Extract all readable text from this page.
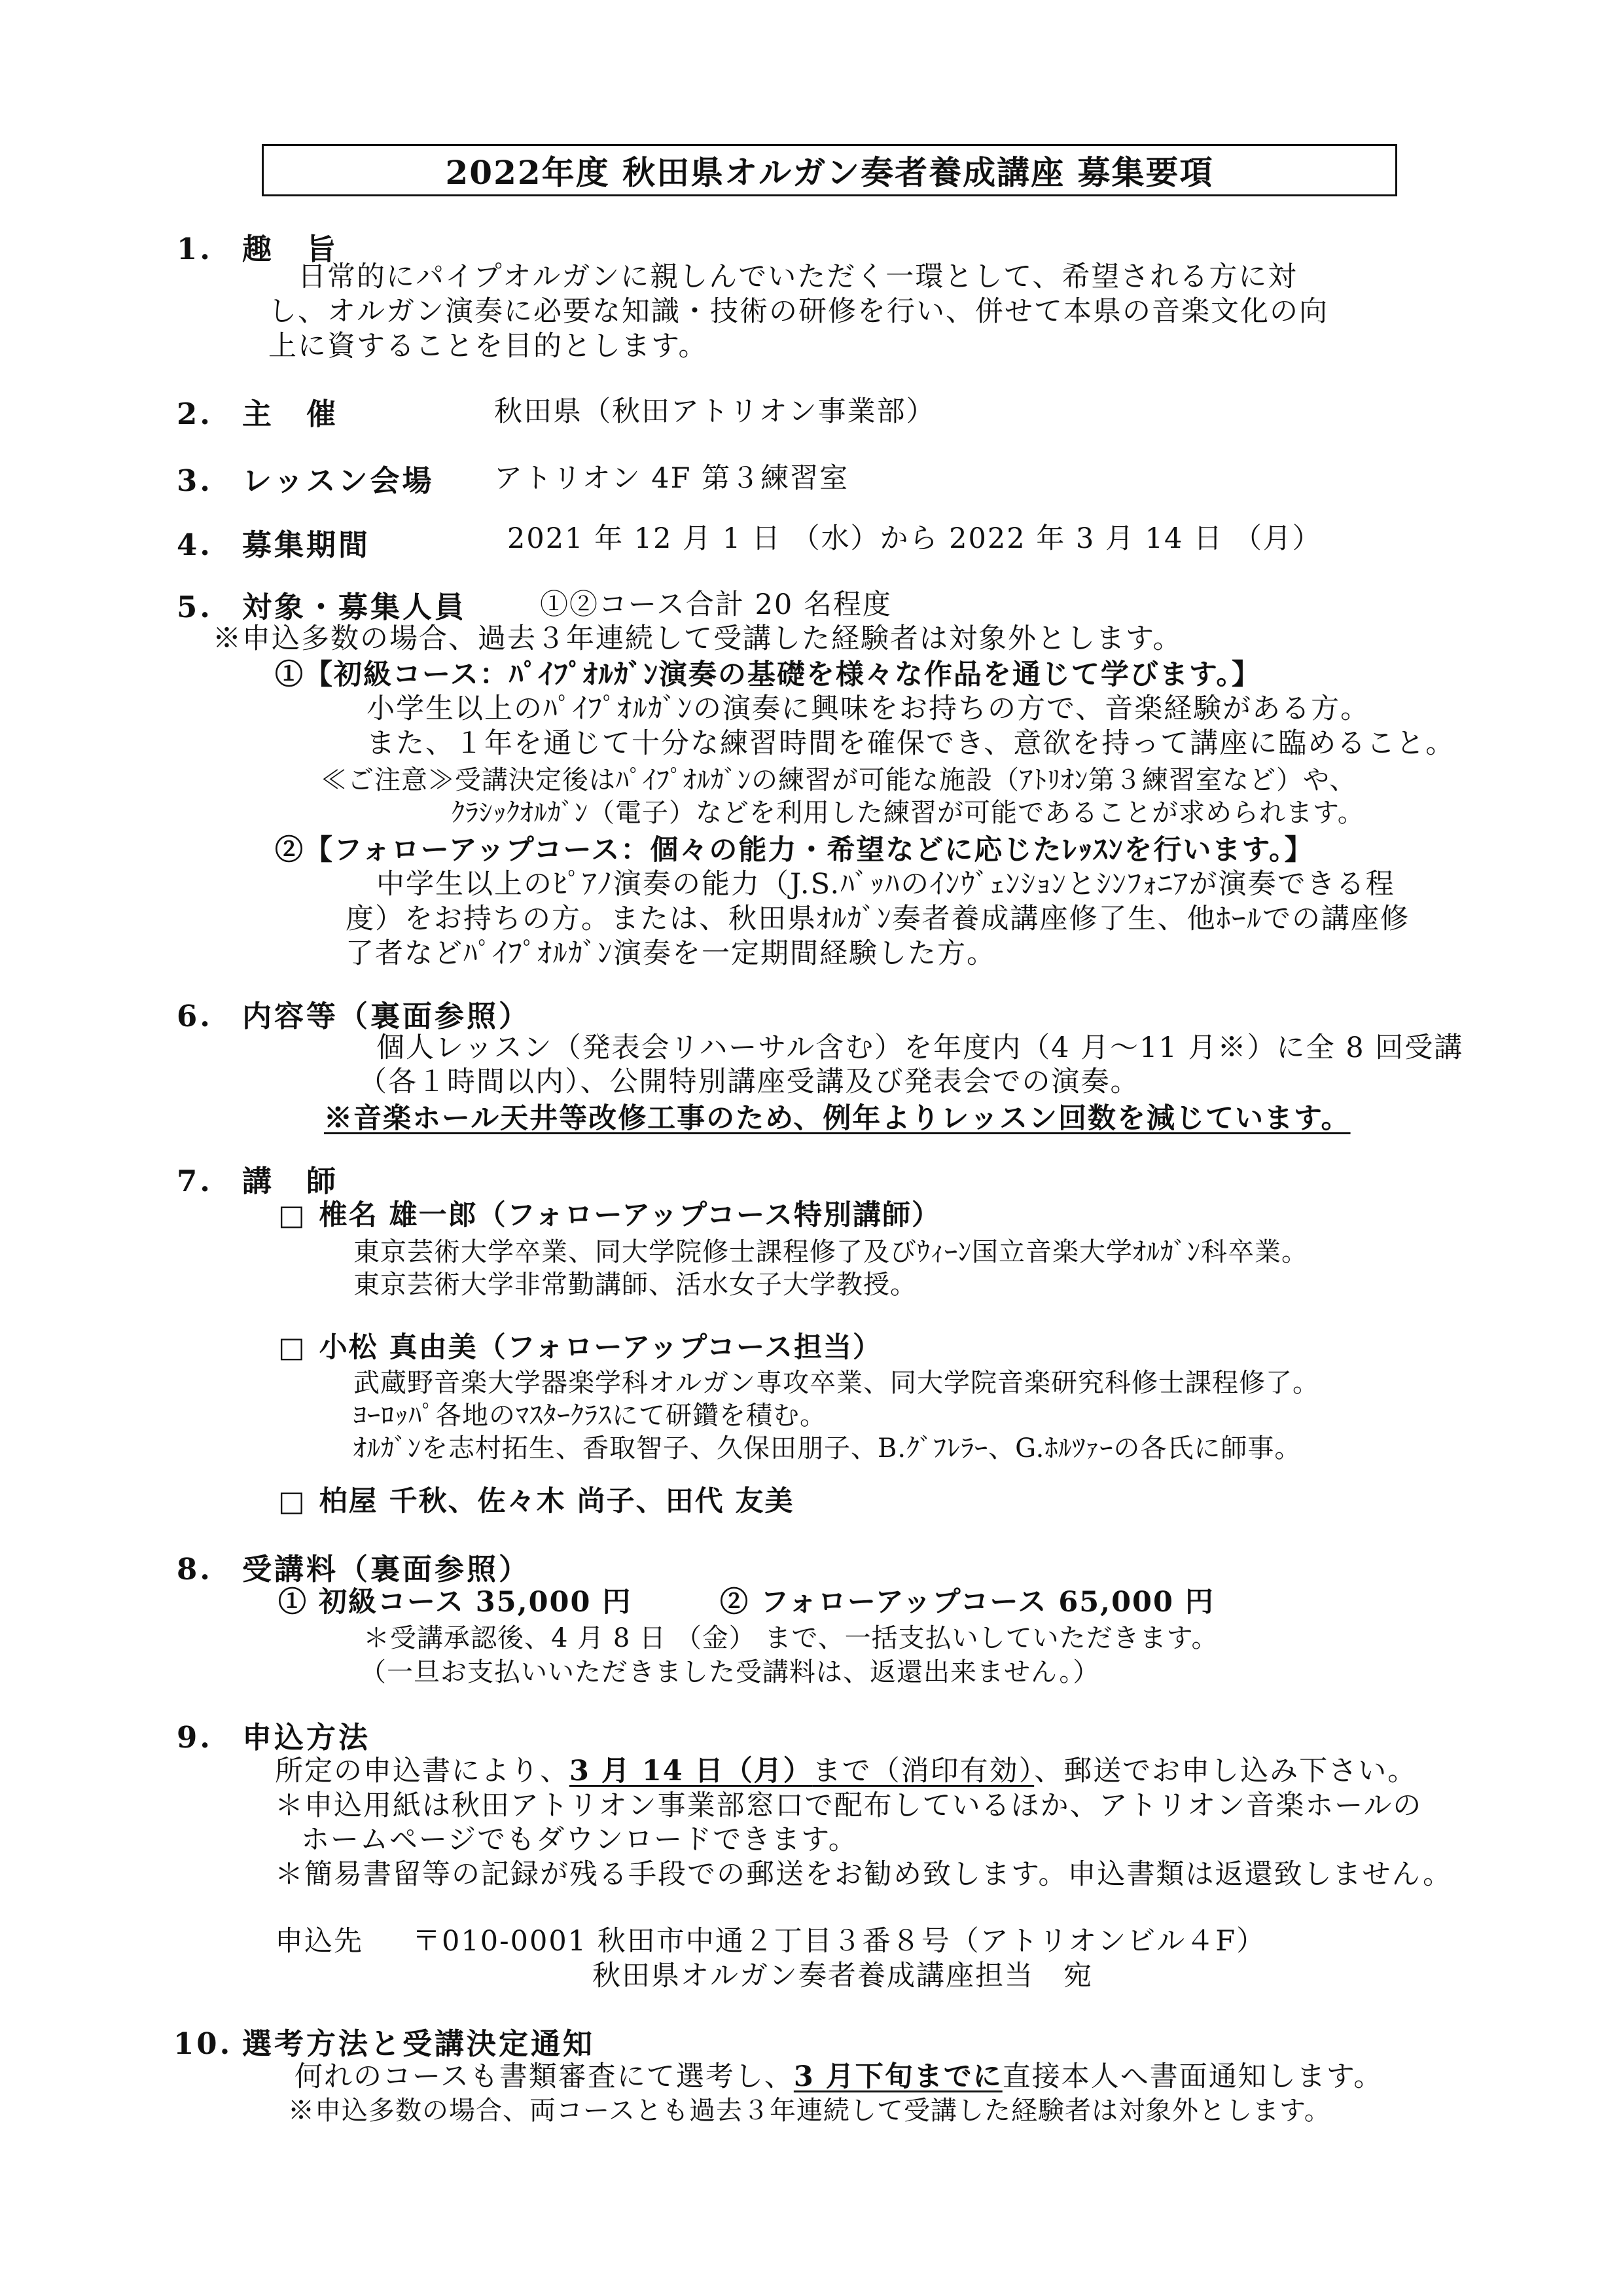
2022年度 秋田県オルガン奏者養成講座 募集要項
1. 趣　旨
日常的にパイプオルガンに親しんでいただく一環として、希望される方に対
し、オルガン演奏に必要な知識・技術の研修を行い、併せて本県の音楽文化の向
上に資することを目的とします。
2. 主　催	秋田県（秋田アトリオン事業部）
3. レッスン会場 アトリオン 4F 第３練習室
4. 募集期間	2021 年 12 月 1 日 （水）から 2022 年 3 月 14 日 （月）
5. 対象・募集人員	①②コース合計 20 名程度
※申込多数の場合、過去３年連続して受講した経験者は対象外とします。
①【初級コース：ﾊﾟｲﾌﾟｵﾙｶﾞﾝ演奏の基礎を様々な作品を通じて学びます。】
小学生以上のﾊﾟｲﾌﾟｵﾙｶﾞﾝの演奏に興味をお持ちの方で、音楽経験がある方。
また、１年を通じて十分な練習時間を確保でき、意欲を持って講座に臨めること。
≪ご注意≫受講決定後はﾊﾟｲﾌﾟｵﾙｶﾞﾝの練習が可能な施設（ｱﾄﾘｵﾝ第３練習室など）や、
ｸﾗｼｯｸｵﾙｶﾞﾝ（電子）などを利用した練習が可能であることが求められます。
②【フォローアップコース：個々の能力・希望などに応じたﾚｯｽﾝを行います。】
中学生以上のﾋﾟｱﾉ演奏の能力（J.S.ﾊﾞｯﾊのｲﾝｳﾞｪﾝｼｮﾝとｼﾝﾌｫﾆｱが演奏できる程
度）をお持ちの方。または、秋田県ｵﾙｶﾞﾝ奏者養成講座修了生、他ﾎｰﾙでの講座修
了者などﾊﾟｲﾌﾟｵﾙｶﾞﾝ演奏を一定期間経験した方。
6. 内容等（裏面参照）
個人レッスン（発表会リハーサル含む）を年度内（4 月～11 月※）に全 8 回受講
（各１時間以内）、公開特別講座受講及び発表会での演奏。
※音楽ホール天井等改修工事のため、例年よりレッスン回数を減じています。
7. 講　師
□ 椎名 雄一郎（フォローアップコース特別講師）
東京芸術大学卒業、同大学院修士課程修了及びｳｨｰﾝ国立音楽大学ｵﾙｶﾞﾝ科卒業。
東京芸術大学非常勤講師、活水女子大学教授。
□ 小松 真由美（フォローアップコース担当）
武蔵野音楽大学器楽学科オルガン専攻卒業、同大学院音楽研究科修士課程修了。
ﾖｰﾛｯﾊﾟ各地のﾏｽﾀｰｸﾗｽにて研鑽を積む。
ｵﾙｶﾞﾝを志村拓生、香取智子、久保田朋子、B.ｸﾞﾌﾚﾗｰ、G.ﾎﾙﾂｧｰの各氏に師事。
□ 柏屋 千秋、佐々木 尚子、田代 友美
8. 受講料（裏面参照）
① 初級コース 35,000 円	② フォローアップコース 65,000 円
＊受講承認後、4 月 8 日 （金） まで、一括支払いしていただきます。
（一旦お支払いいただきました受講料は、返還出来ません。）
9. 申込方法
所定の申込書により、3 月 14 日（月）まで（消印有効）、郵送でお申し込み下さい。
＊申込用紙は秋田アトリオン事業部窓口で配布しているほか、アトリオン音楽ホールの
ホームページでもダウンロードできます。
＊簡易書留等の記録が残る手段での郵送をお勧め致します。申込書類は返還致しません。
申込先 〒010-0001 秋田市中通２丁目３番８号（アトリオンビル４F）
秋田県オルガン奏者養成講座担当　宛
10. 選考方法と受講決定通知
何れのコースも書類審査にて選考し、3 月下旬までに直接本人へ書面通知します。
※申込多数の場合、両コースとも過去３年連続して受講した経験者は対象外とします。
